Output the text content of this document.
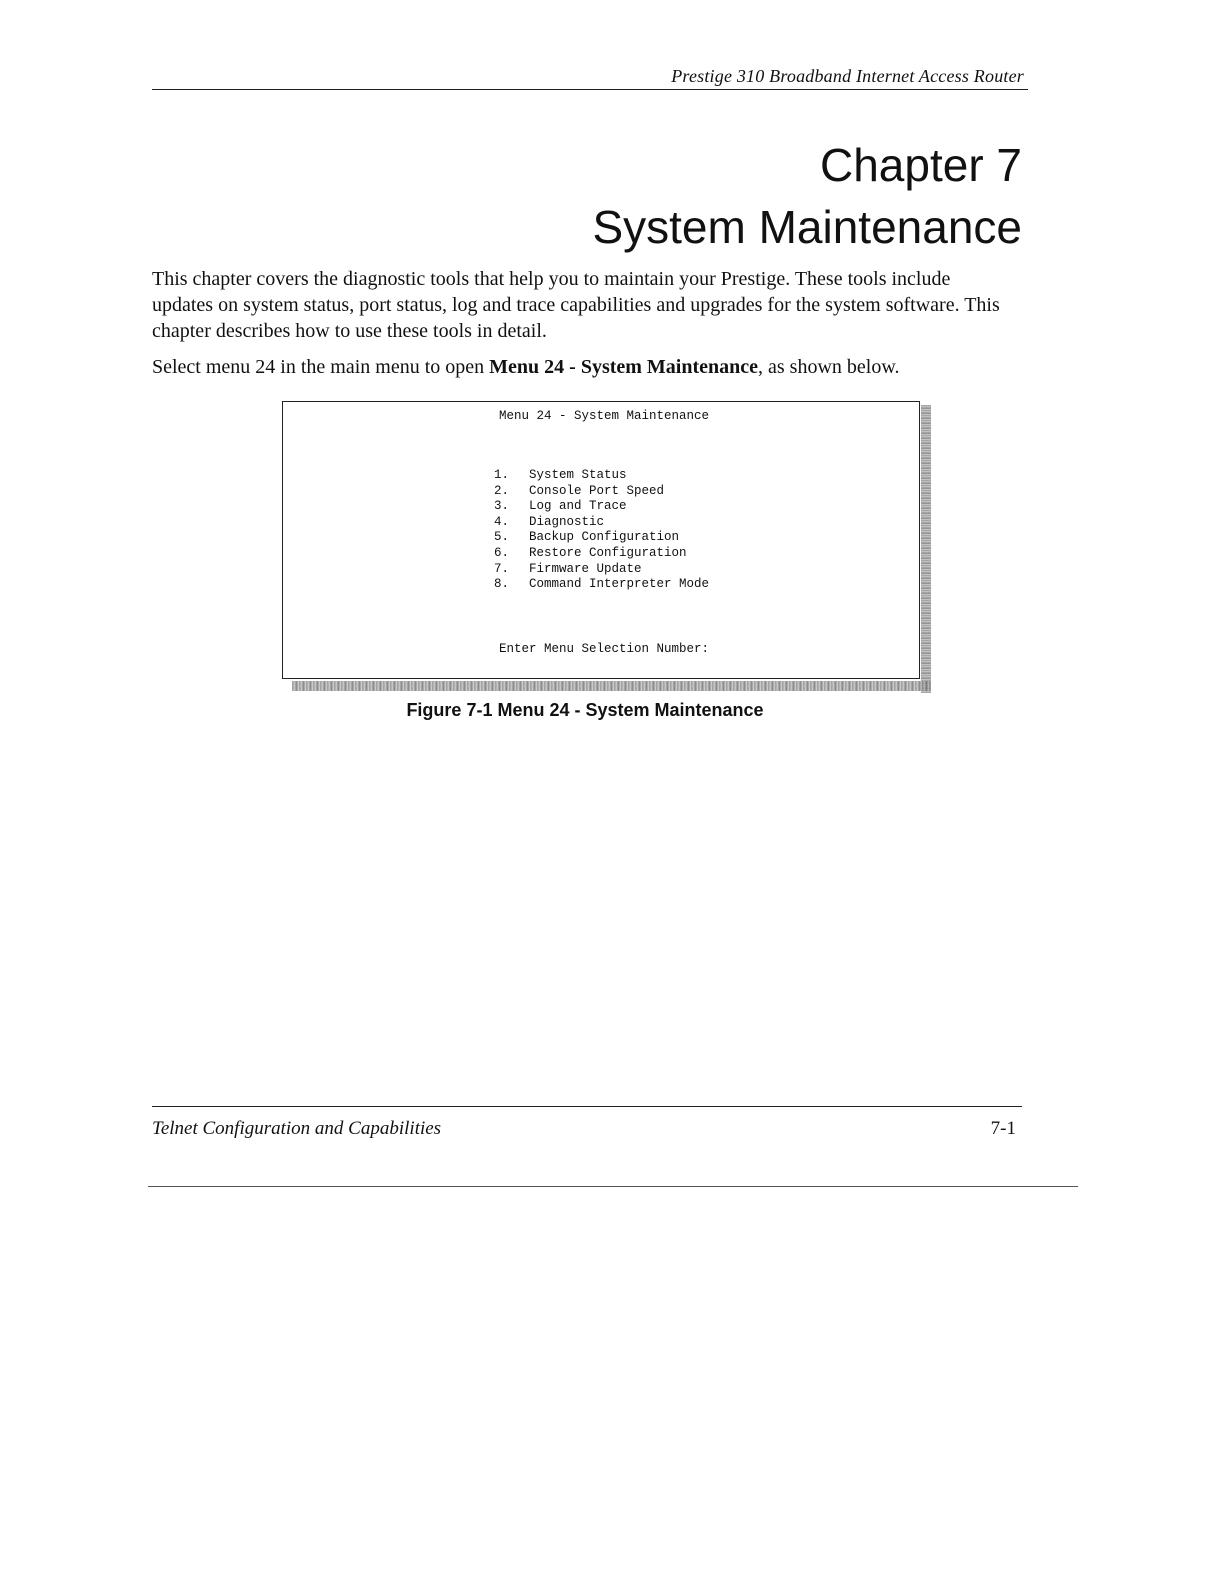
Prestige 310 Broadband Internet Access Router
Chapter 7
System Maintenance

This chapter covers the diagnostic tools that help you to maintain your Prestige. These tools include updates on system status, port status, log and trace capabilities and upgrades for the system software. This chapter describes how to use these tools in detail.

Select menu 24 in the main menu to open Menu 24 - System Maintenance, as shown below.

Menu 24 - System Maintenance
1. System Status
2. Console Port Speed
3. Log and Trace
4. Diagnostic
5. Backup Configuration
6. Restore Configuration
7. Firmware Update
8. Command Interpreter Mode
Enter Menu Selection Number:
Figure 7-1 Menu 24 - System Maintenance
Telnet Configuration and Capabilities	7-1
